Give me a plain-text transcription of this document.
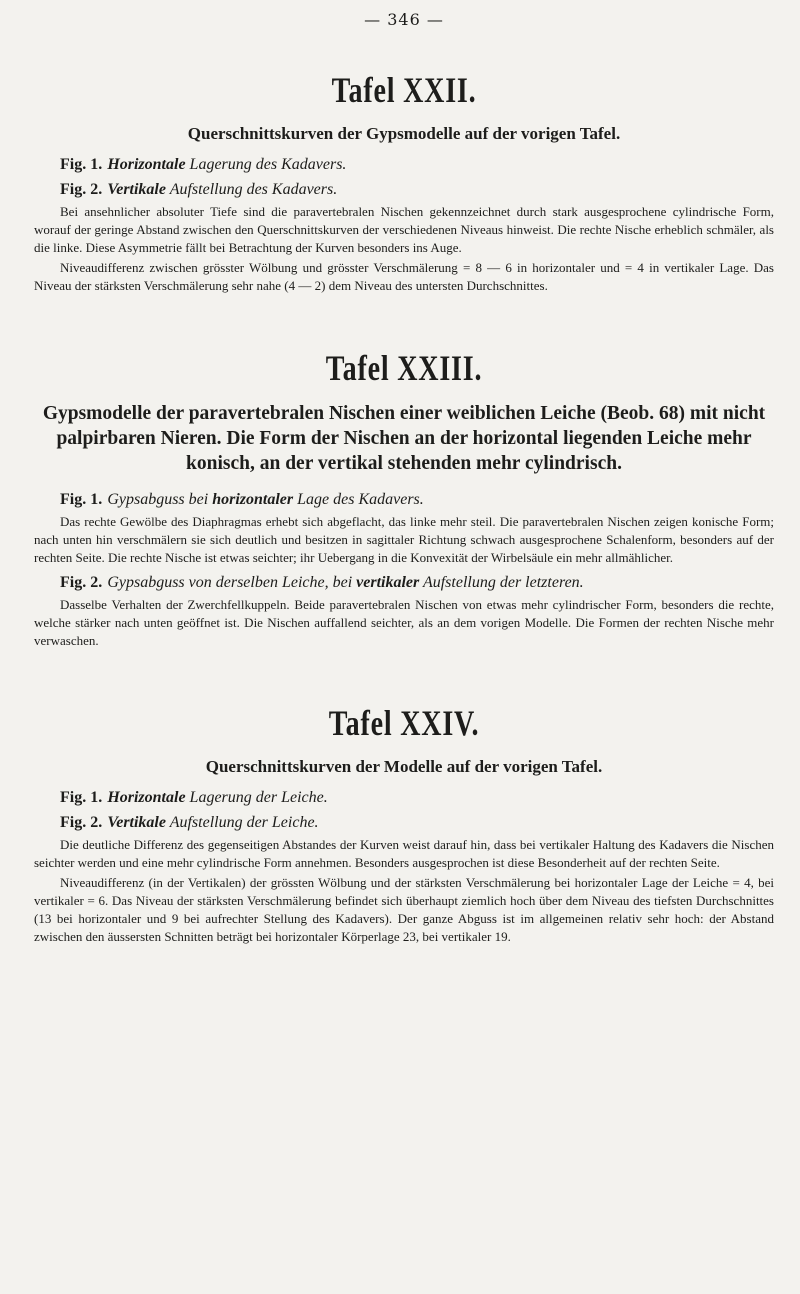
— 346 —
Tafel XXII.
Querschnittskurven der Gypsmodelle auf der vorigen Tafel.
Fig. 1. Horizontale Lagerung des Kadavers.
Fig. 2. Vertikale Aufstellung des Kadavers.

Bei ansehnlicher absoluter Tiefe sind die paravertebralen Nischen gekennzeichnet durch stark ausgesprochene cylindrische Form, worauf der geringe Abstand zwischen den Querschnittskurven der verschiedenen Niveaus hinweist. Die rechte Nische erheblich schmäler, als die linke. Diese Asymmetrie fällt bei Betrachtung der Kurven besonders ins Auge.

Niveaudifferenz zwischen grösster Wölbung und grösster Verschmälerung = 8 — 6 in horizontaler und = 4 in vertikaler Lage. Das Niveau der stärksten Verschmälerung sehr nahe (4 — 2) dem Niveau des untersten Durchschnittes.

Tafel XXIII.
Gypsmodelle der paravertebralen Nischen einer weiblichen Leiche (Beob. 68) mit nicht palpirbaren Nieren. Die Form der Nischen an der horizontal liegenden Leiche mehr konisch, an der vertikal stehenden mehr cylindrisch.
Fig. 1. Gypsabguss bei horizontaler Lage des Kadavers.

Das rechte Gewölbe des Diaphragmas erhebt sich abgeflacht, das linke mehr steil. Die paravertebralen Nischen zeigen konische Form; nach unten hin verschmälern sie sich deutlich und besitzen in sagittaler Richtung schwach ausgesprochene Schalenform, besonders auf der rechten Seite. Die rechte Nische ist etwas seichter; ihr Uebergang in die Konvexität der Wirbelsäule ein mehr allmählicher.

Fig. 2. Gypsabguss von derselben Leiche, bei vertikaler Aufstellung der letzteren.

Dasselbe Verhalten der Zwerchfellkuppeln. Beide paravertebralen Nischen von etwas mehr cylindrischer Form, besonders die rechte, welche stärker nach unten geöffnet ist. Die Nischen auffallend seichter, als an dem vorigen Modelle. Die Formen der rechten Nische mehr verwaschen.

Tafel XXIV.
Querschnittskurven der Modelle auf der vorigen Tafel.
Fig. 1. Horizontale Lagerung der Leiche.
Fig. 2. Vertikale Aufstellung der Leiche.

Die deutliche Differenz des gegenseitigen Abstandes der Kurven weist darauf hin, dass bei vertikaler Haltung des Kadavers die Nischen seichter werden und eine mehr cylindrische Form annehmen. Besonders ausgesprochen ist diese Besonderheit auf der rechten Seite.

Niveaudifferenz (in der Vertikalen) der grössten Wölbung und der stärksten Verschmälerung bei horizontaler Lage der Leiche = 4, bei vertikaler = 6. Das Niveau der stärksten Verschmälerung befindet sich überhaupt ziemlich hoch über dem Niveau des tiefsten Durchschnittes (13 bei horizontaler und 9 bei aufrechter Stellung des Kadavers). Der ganze Abguss ist im allgemeinen relativ sehr hoch: der Abstand zwischen den äussersten Schnitten beträgt bei horizontaler Körperlage 23, bei vertikaler 19.
